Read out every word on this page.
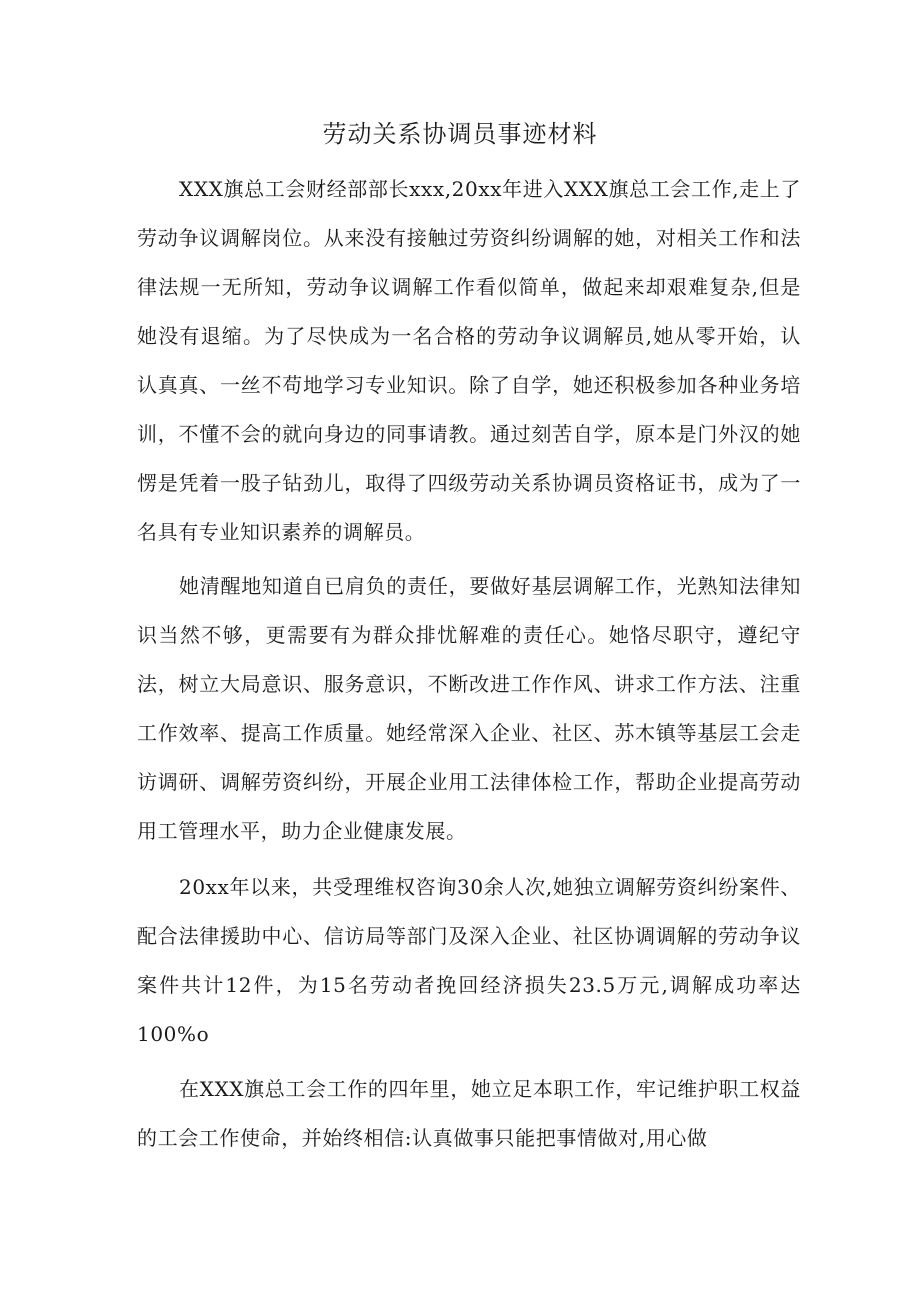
劳动关系协调员事迹材料

XXX旗总工会财经部部长xxx,20xx年进入XXX旗总工会工作,走上了劳动争议调解岗位。从来没有接触过劳资纠纷调解的她，对相关工作和法律法规一无所知，劳动争议调解工作看似简单，做起来却艰难复杂,但是她没有退缩。为了尽快成为一名合格的劳动争议调解员,她从零开始，认认真真、一丝不苟地学习专业知识。除了自学，她还积极参加各种业务培训，不懂不会的就向身边的同事请教。通过刻苦自学，原本是门外汉的她愣是凭着一股子钻劲儿，取得了四级劳动关系协调员资格证书，成为了一名具有专业知识素养的调解员。

她清醒地知道自已肩负的责任，要做好基层调解工作，光熟知法律知识当然不够，更需要有为群众排忧解难的责任心。她恪尽职守，遵纪守法，树立大局意识、服务意识，不断改进工作作风、讲求工作方法、注重工作效率、提高工作质量。她经常深入企业、社区、苏木镇等基层工会走访调研、调解劳资纠纷，开展企业用工法律体检工作，帮助企业提高劳动用工管理水平，助力企业健康发展。

20xx年以来，共受理维权咨询30余人次,她独立调解劳资纠纷案件、配合法律援助中心、信访局等部门及深入企业、社区协调调解的劳动争议案件共计12件，为15名劳动者挽回经济损失23.5万元,调解成功率达100%o

在XXX旗总工会工作的四年里，她立足本职工作，牢记维护职工权益的工会工作使命，并始终相信:认真做事只能把事情做对,用心做
